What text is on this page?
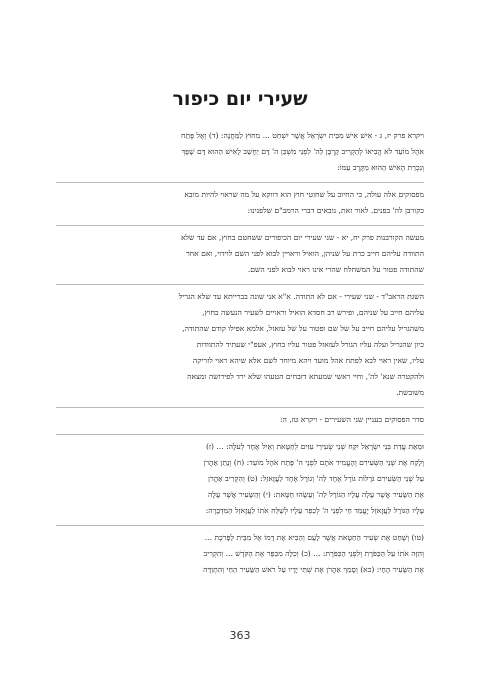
שעירי יום כיפור
ויקרא פרק יז, ג - אִישׁ אִישׁ מִבֵּית יִשְׂרָאֵל אֲשֶׁר יִשְׁחַט ... מִחוּץ לַמַּחֲנֶה: (ד) וְאֶל פֶּתַח
אֹהֶל מוֹעֵד לֹא הֱבִיאוֹ לְהַקְרִיב קָרְבָּן לַה' לִפְנֵי מִשְׁכַּן ה' דָּם יֵחָשֵׁב לָאִישׁ הַהוּא דָּם שָׁפָךְ
וְנִכְרַת הָאִישׁ הַהוּא מִקֶּרֶב עַמּוֹ:
מפסוקים אלה עולה, כי החיוב על שחוטי חוץ הוא דווקא על מה שראוי להיות מובא
כקורבן לה' בפנים. לאור זאת, נובאים דברי הרמב"ם שלפנינו:
מעשה הקורבנות פרק יח, יא - שני שעירי יום הכיפורים ששחטם בחוץ, אם עד שלא
התוודה עליהם חייב כרת על שניהן, הואיל וראויין לבוא לפני השם לוידוי, ואם אחר
שהתודה פטור על המשחלח שהרי אינו ראוי לבוא לפני השם.
השגת הראב"ד - שני שעירי - אם לא התודה. א"א אני שונה בברייתא עד שלא הגריל
עליהם חייב על שניהם, ופירש רב חסדא הואיל וראויים לשעיר הנעשה בחוץ,
משהגריל עליהם חייב על של שם ופטור על של עזאזל, אלמא אפילו קודם שהתודה,
כיון שהגריל ועלה עליו הגורל לעזאזל פטור עליו בחוץ, אעפ"י שעתיד להתוודות
עליו, שאין ראוי לבא לפתח אהל מועד ויהא מיוחד לשם אלא שיהא ראוי לזריקה
ולהקטרה שנא' לה', וחיי ראשי שמעתא דזבחים הטעהו שלא ירד לפירושה ומצאה
משובשת.
סדר הפסוקים בעניין שני השעירים - ויקרא טז, ה:
וּמֵאֵת עֲדַת בְּנֵי יִשְׂרָאֵל יִקַּח שְׁנֵי שְׂעִירֵי עִזִּים לְחַטָּאת וְאַיִל אֶחָד לְעֹלָה: ... (ז)
וְלָקַח אֶת שְׁנֵי הַשְּׂעִירִם וְהֶעֱמִיד אֹתָם לִפְנֵי ה' פֶּתַח אֹהֶל מוֹעֵד: (ח) וְנָתַן אַהֲרֹן
עַל שְׁנֵי הַשְּׂעִירִם גֹּרָלוֹת גּוֹרָל אֶחָד לַה' וְגוֹרָל אֶחָד לַעֲזָאזֵל: (ט) וְהִקְרִיב אַהֲרֹן
אֶת הַשָּׂעִיר אֲשֶׁר עָלָה עָלָיו הַגּוֹרָל לַה' וְעָשָׂהוּ חַטָּאת: (י) וְהַשָּׂעִיר אֲשֶׁר עָלָה
עָלָיו הַגּוֹרָל לַעֲזָאזֵל יָעֳמַד חַי לִפְנֵי ה' לְכַפֵּר עָלָיו לְשַׁלַּח אֹתוֹ לַעֲזָאזֵל הַמִּדְבָּרָה:
(טו) וְשָׁחַט אֶת שְׂעִיר הַחַטָּאת אֲשֶׁר לָעָם וְהֵבִיא אֶת דָּמוֹ אֶל מִבֵּית לַפָּרֹכֶת ...
וְהִזָּה אֹתוֹ עַל הַכַּפֹּרֶת וְלִפְנֵי הַכַּפֹּרֶת: ... (כ) וְכִלָּה מִכַּפֵּר אֶת הַקֹּדֶשׁ ... וְהִקְרִיב
אֶת הַשָּׂעִיר הֶחָי: (כא) וְסָמַךְ אַהֲרֹן אֶת שְׁתֵּי יָדָיו עַל רֹאשׁ הַשָּׂעִיר הַחַי וְהִתְוַדָּה
363
